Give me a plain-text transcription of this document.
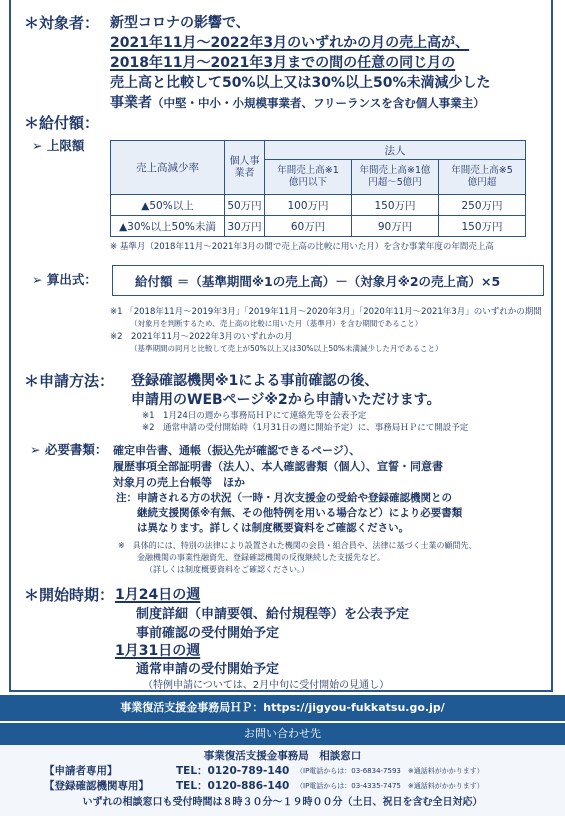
＊対象者： 新型コロナの影響で、
2021年11月～2022年3月のいずれかの月の売上高が、
2018年11月～2021年3月までの間の任意の同じ月の
売上高と比較して50%以上又は30%以上50%未満減少した
事業者（中堅・中小・小規模事業者、フリーランスを含む個人事業主）
＊給付額：
➢ 上限額
売上高減少率	個人事業者	法人		
		年間売上高※1億円以下	年間売上高※1億円超～5億円	年間売上高※5億円超
▲50%以上	50万円	100万円	150万円	250万円
▲30%以上50%未満	30万円	60万円	90万円	150万円
※ 基準月（2018年11月～2021年3月の間で売上高の比較に用いた月）を含む事業年度の年間売上高
➢ 算出式：	給付額 ＝（基準期間※1の売上高）－（対象月※2の売上高）×5
※1 「2018年11月～2019年3月」「2019年11月～2020年3月」「2020年11月～2021年3月」のいずれかの期間
（対象月を判断するため、売上高の比較に用いた月（基準月）を含む期間であること）
※2　2021年11月～2022年3月のいずれかの月
（基準期間の同月と比較して売上が50%以上又は30%以上50%未満減少した月であること）
＊申請方法： 登録確認機関※1による事前確認の後、
申請用のWEBページ※2から申請いただけます。
※1　1月24日の週から事務局ＨＰにて連絡先等を公表予定
※2　通常申請の受付開始時（1月31日の週に開始予定）に、事務局ＨＰにて開設予定
➢ 必要書類： 確定申告書、通帳（振込先が確認できるページ）、
履歴事項全部証明書（法人）、本人確認書類（個人）、宣誓・同意書
対象月の売上台帳等　ほか
注：申請される方の状況（一時・月次支援金の受給や登録確認機関との
継続支援関係※有無、その他特例を用いる場合など）により必要書類
は異なります。詳しくは制度概要資料をご確認ください。
※　具体的には、特別の法律により設置された機関の会員・組合員や、法律に基づく士業の顧問先、
金融機関の事業性融資先、登録確認機関の反復継続した支援先など。
（詳しくは制度概要資料をご確認ください。）
＊開始時期： 1月24日の週
制度詳細（申請要領、給付規程等）を公表予定
事前確認の受付開始予定
1月31日の週
通常申請の受付開始予定
（特例申請については、2月中旬に受付開始の見通し）
事業復活支援金事務局ＨＰ：https://jigyou-fukkatsu.go.jp/
お問い合わせ先
事業復活支援金事務局　相談窓口
【申請者専用】	TEL：0120-789-140 （IP電話からは：03-6834-7593　※通話料がかかります）
【登録確認機関専用】	TEL：0120-886-140 （IP電話からは：03-4335-7475　※通話料がかかります）
いずれの相談窓口も受付時間は８時３０分～１９時００分（土日、祝日を含む全日対応）
